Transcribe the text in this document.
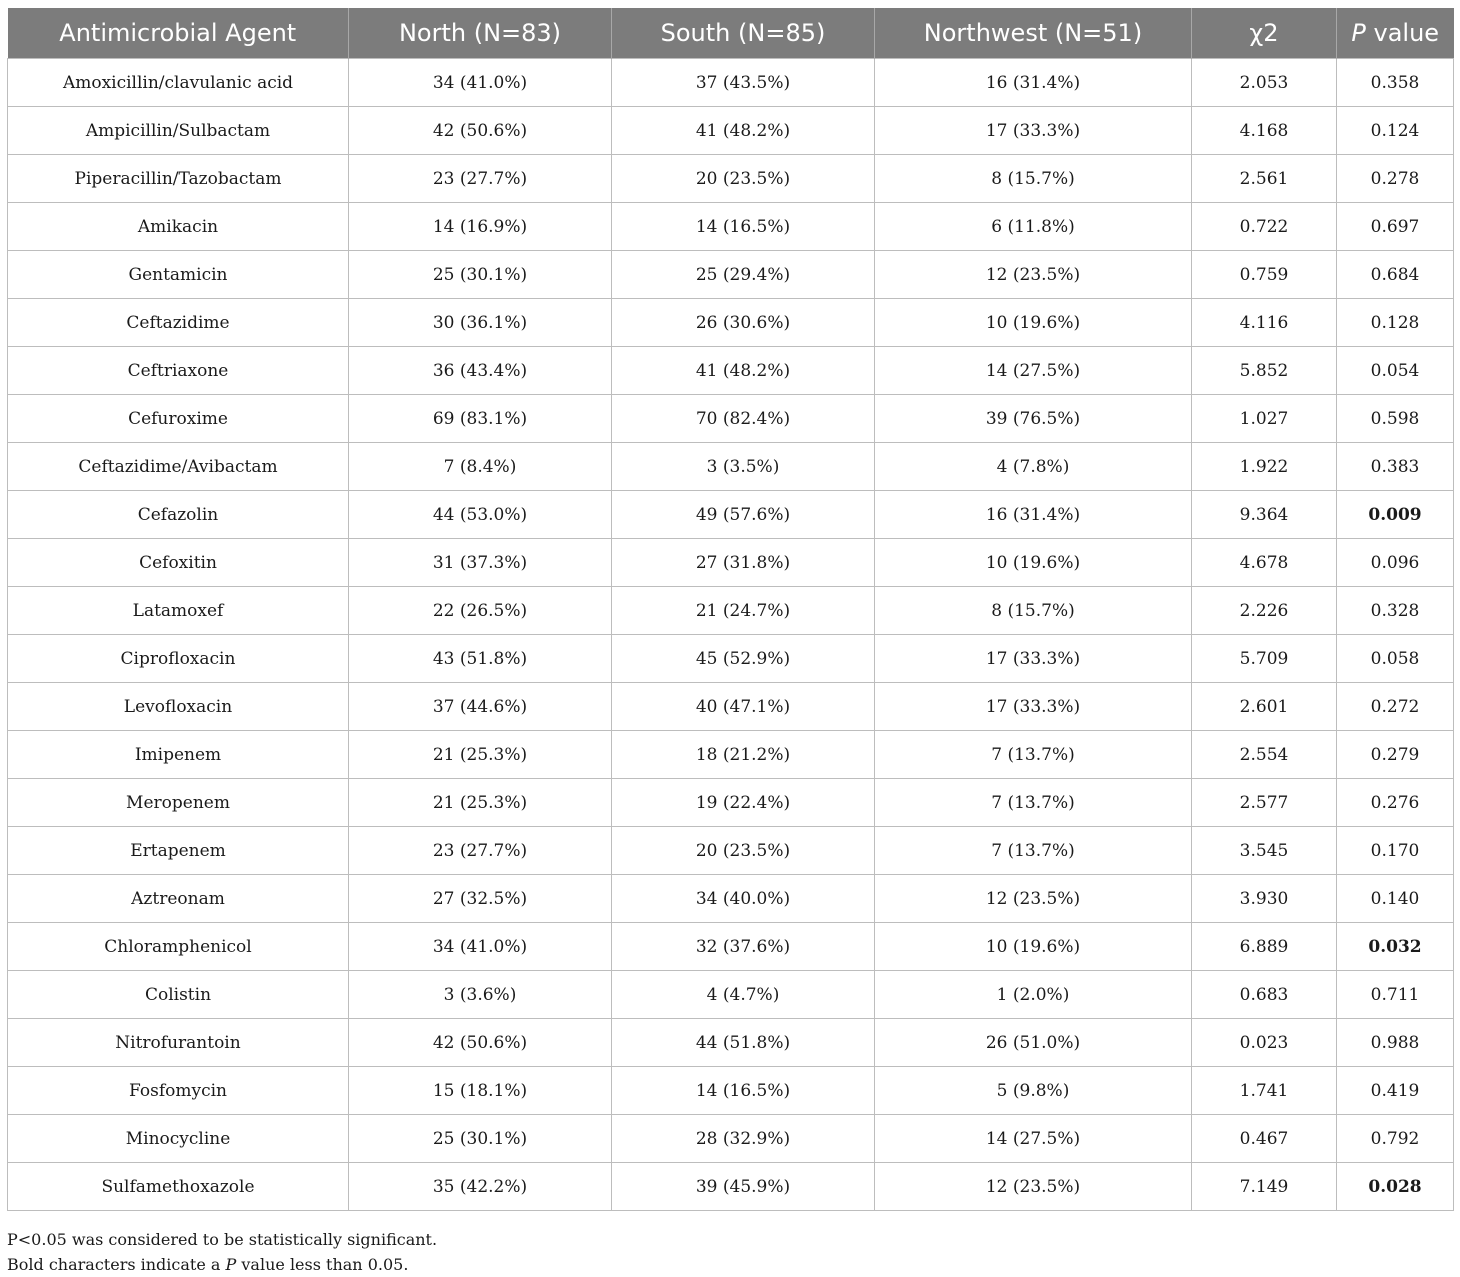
Antimicrobial Agent	North (N=83)	South (N=85)	Northwest (N=51)	χ2	P value
Amoxicillin/clavulanic acid	34 (41.0%)	37 (43.5%)	16 (31.4%)	2.053	0.358
Ampicillin/Sulbactam	42 (50.6%)	41 (48.2%)	17 (33.3%)	4.168	0.124
Piperacillin/Tazobactam	23 (27.7%)	20 (23.5%)	8 (15.7%)	2.561	0.278
Amikacin	14 (16.9%)	14 (16.5%)	6 (11.8%)	0.722	0.697
Gentamicin	25 (30.1%)	25 (29.4%)	12 (23.5%)	0.759	0.684
Ceftazidime	30 (36.1%)	26 (30.6%)	10 (19.6%)	4.116	0.128
Ceftriaxone	36 (43.4%)	41 (48.2%)	14 (27.5%)	5.852	0.054
Cefuroxime	69 (83.1%)	70 (82.4%)	39 (76.5%)	1.027	0.598
Ceftazidime/Avibactam	7 (8.4%)	3 (3.5%)	4 (7.8%)	1.922	0.383
Cefazolin	44 (53.0%)	49 (57.6%)	16 (31.4%)	9.364	0.009
Cefoxitin	31 (37.3%)	27 (31.8%)	10 (19.6%)	4.678	0.096
Latamoxef	22 (26.5%)	21 (24.7%)	8 (15.7%)	2.226	0.328
Ciprofloxacin	43 (51.8%)	45 (52.9%)	17 (33.3%)	5.709	0.058
Levofloxacin	37 (44.6%)	40 (47.1%)	17 (33.3%)	2.601	0.272
Imipenem	21 (25.3%)	18 (21.2%)	7 (13.7%)	2.554	0.279
Meropenem	21 (25.3%)	19 (22.4%)	7 (13.7%)	2.577	0.276
Ertapenem	23 (27.7%)	20 (23.5%)	7 (13.7%)	3.545	0.170
Aztreonam	27 (32.5%)	34 (40.0%)	12 (23.5%)	3.930	0.140
Chloramphenicol	34 (41.0%)	32 (37.6%)	10 (19.6%)	6.889	0.032
Colistin	3 (3.6%)	4 (4.7%)	1 (2.0%)	0.683	0.711
Nitrofurantoin	42 (50.6%)	44 (51.8%)	26 (51.0%)	0.023	0.988
Fosfomycin	15 (18.1%)	14 (16.5%)	5 (9.8%)	1.741	0.419
Minocycline	25 (30.1%)	28 (32.9%)	14 (27.5%)	0.467	0.792
Sulfamethoxazole	35 (42.2%)	39 (45.9%)	12 (23.5%)	7.149	0.028
P<0.05 was considered to be statistically significant.
Bold characters indicate a P value less than 0.05.
